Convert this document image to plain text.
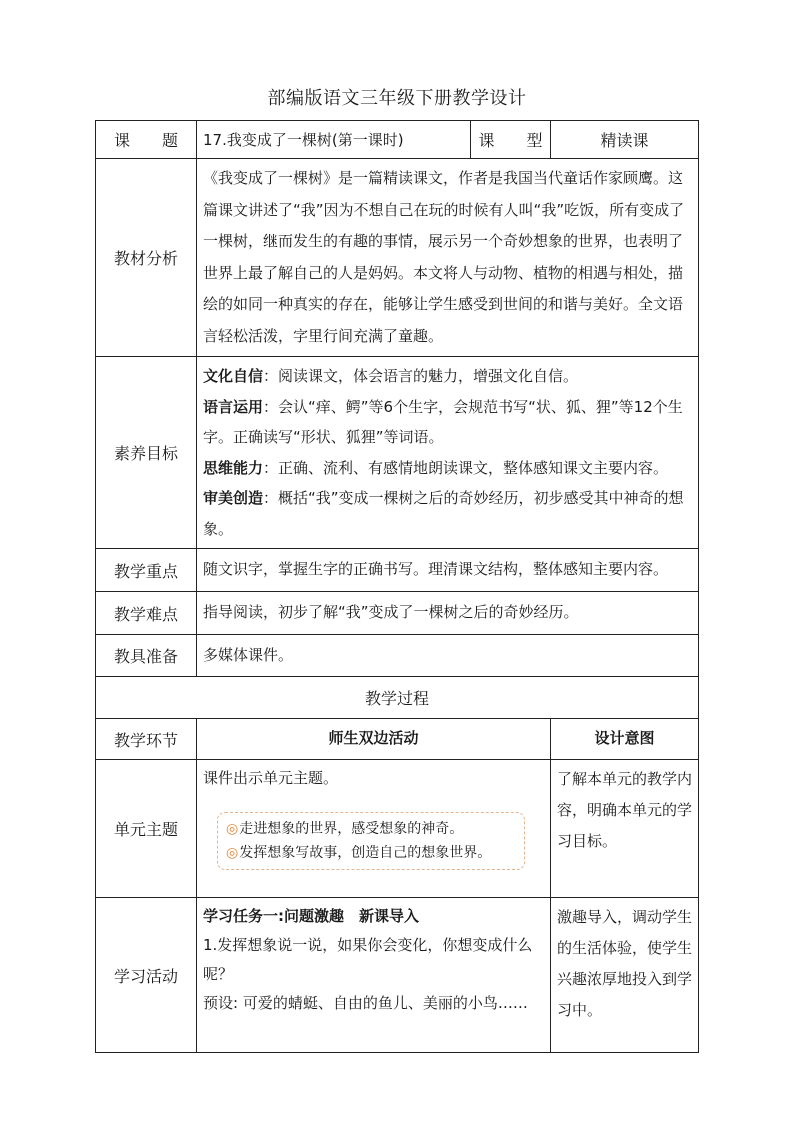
部编版语文三年级下册教学设计
课　　题	17.我变成了一棵树(第一课时)	课　　型	精读课
教材分析	《我变成了一棵树》是一篇精读课文，作者是我国当代童话作家顾鹰。这篇课文讲述了“我”因为不想自己在玩的时候有人叫“我”吃饭，所有变成了一棵树，继而发生的有趣的事情，展示另一个奇妙想象的世界，也表明了世界上最了解自己的人是妈妈。本文将人与动物、植物的相遇与相处，描绘的如同一种真实的存在，能够让学生感受到世间的和谐与美好。全文语言轻松活泼，字里行间充满了童趣。		
素养目标	文化自信：阅读课文，体会语言的魅力，增强文化自信。

语言运用：会认“痒、鳄”等6个生字，会规范书写“状、狐、狸”等12个生字。正确读写“形状、狐狸”等词语。

思维能力：正确、流利、有感情地朗读课文，整体感知课文主要内容。

审美创造：概括“我”变成一棵树之后的奇妙经历，初步感受其中神奇的想象。		

教学重点	随文识字，掌握生字的正确书写。理清课文结构，整体感知主要内容。		
教学难点	指导阅读，初步了解“我”变成了一棵树之后的奇妙经历。		
教具准备	多媒体课件。		
教学过程			
教学环节	师生双边活动		设计意图
单元主题	课件出示单元主题。

◎走进想象的世界，感受想象的神奇。
◎发挥想象写故事，创造自己的想象世界。		了解本单元的教学内容，明确本单元的学习目标。
学习活动	学习任务一:问题激趣　新课导入

1.发挥想象说一说，如果你会变化，你想变成什么呢？

预设: 可爱的蜻蜓、自由的鱼儿、美丽的小鸟……		激趣导入，调动学生的生活体验，使学生兴趣浓厚地投入到学习中。
